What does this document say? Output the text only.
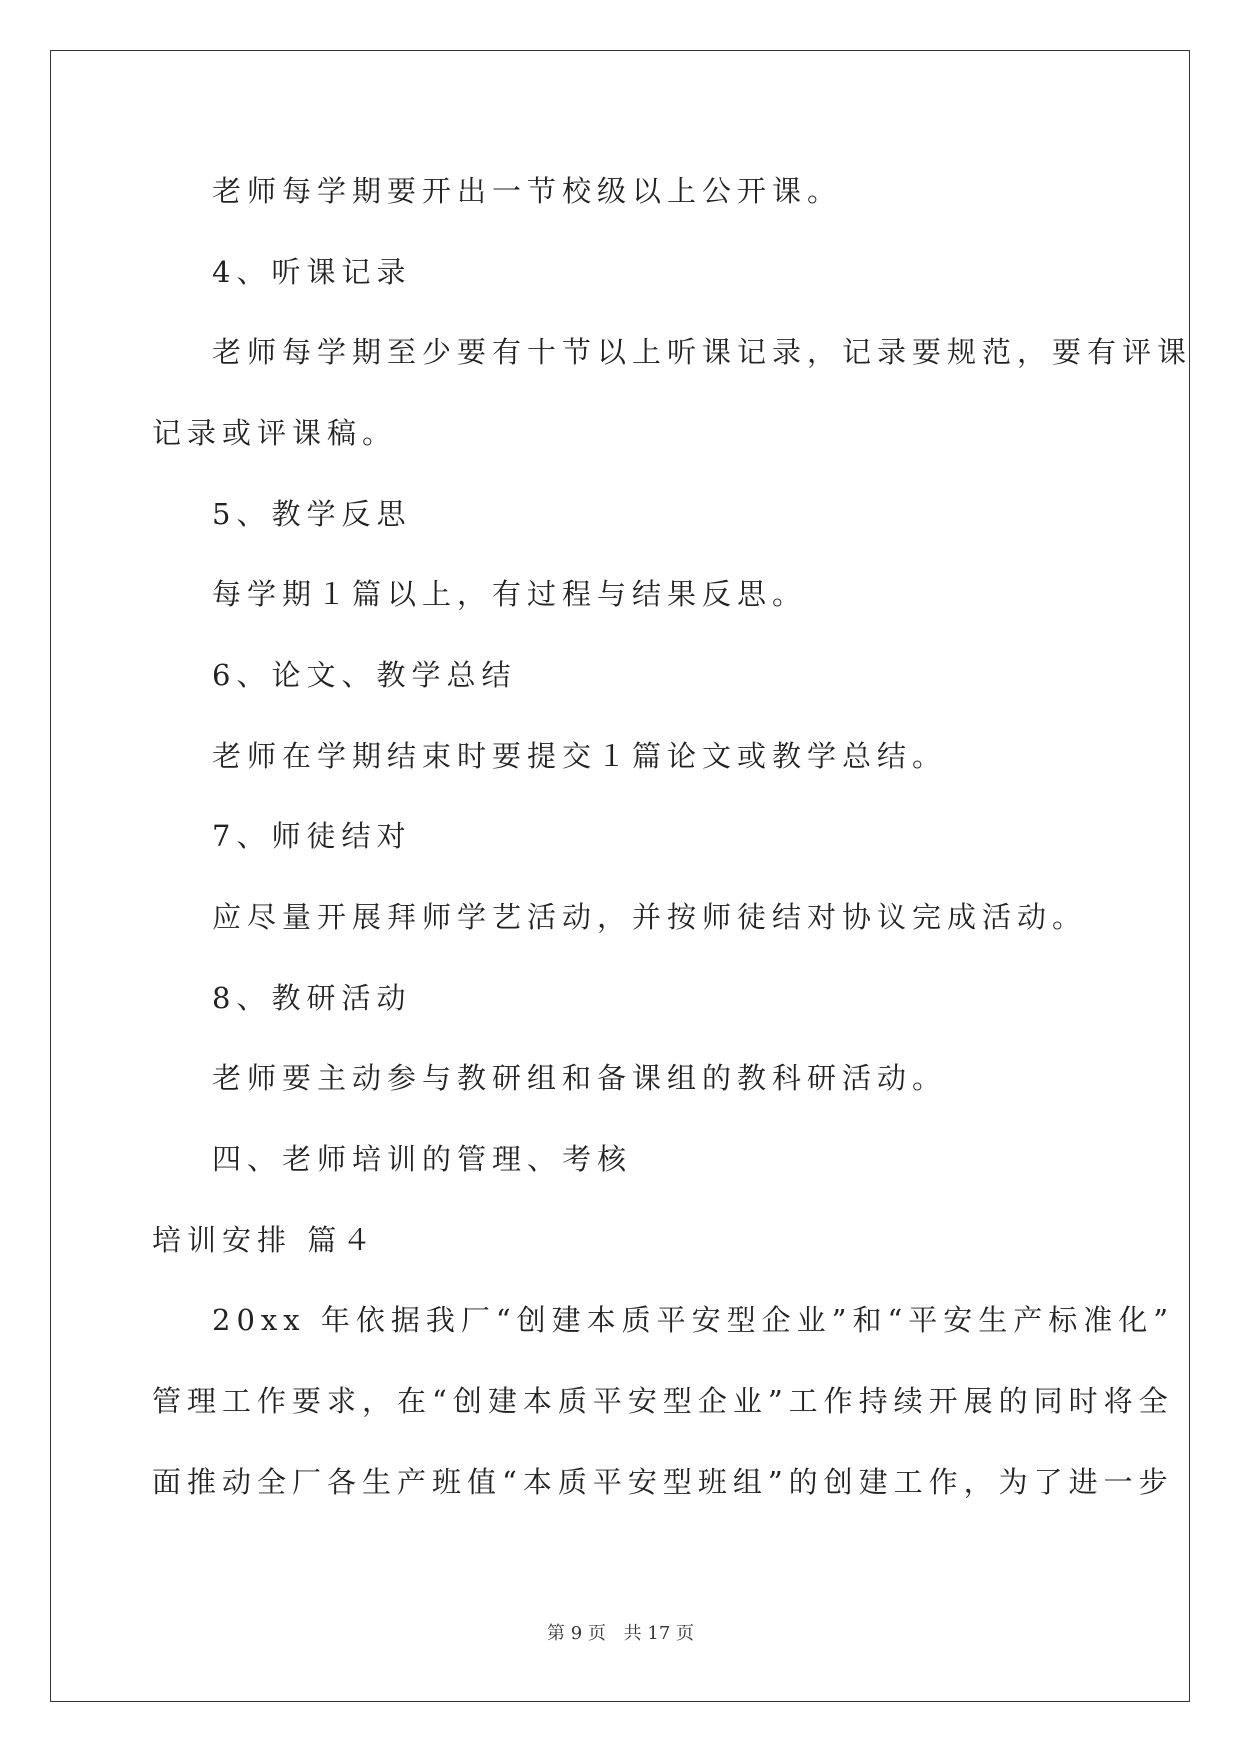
老师每学期要开出一节校级以上公开课。
4、听课记录
老师每学期至少要有十节以上听课记录，记录要规范，要有评课
记录或评课稿。
5、教学反思
每学期１篇以上，有过程与结果反思。
6、论文、教学总结
老师在学期结束时要提交１篇论文或教学总结。
7、师徒结对
应尽量开展拜师学艺活动，并按师徒结对协议完成活动。
8、教研活动
老师要主动参与教研组和备课组的教科研活动。
四、老师培训的管理、考核
培训安排 篇４
20xx 年依据我厂“创建本质平安型企业”和“平安生产标准化”
管理工作要求，在“创建本质平安型企业”工作持续开展的同时将全
面推动全厂各生产班值“本质平安型班组”的创建工作，为了进一步
第 9 页 共 17 页
